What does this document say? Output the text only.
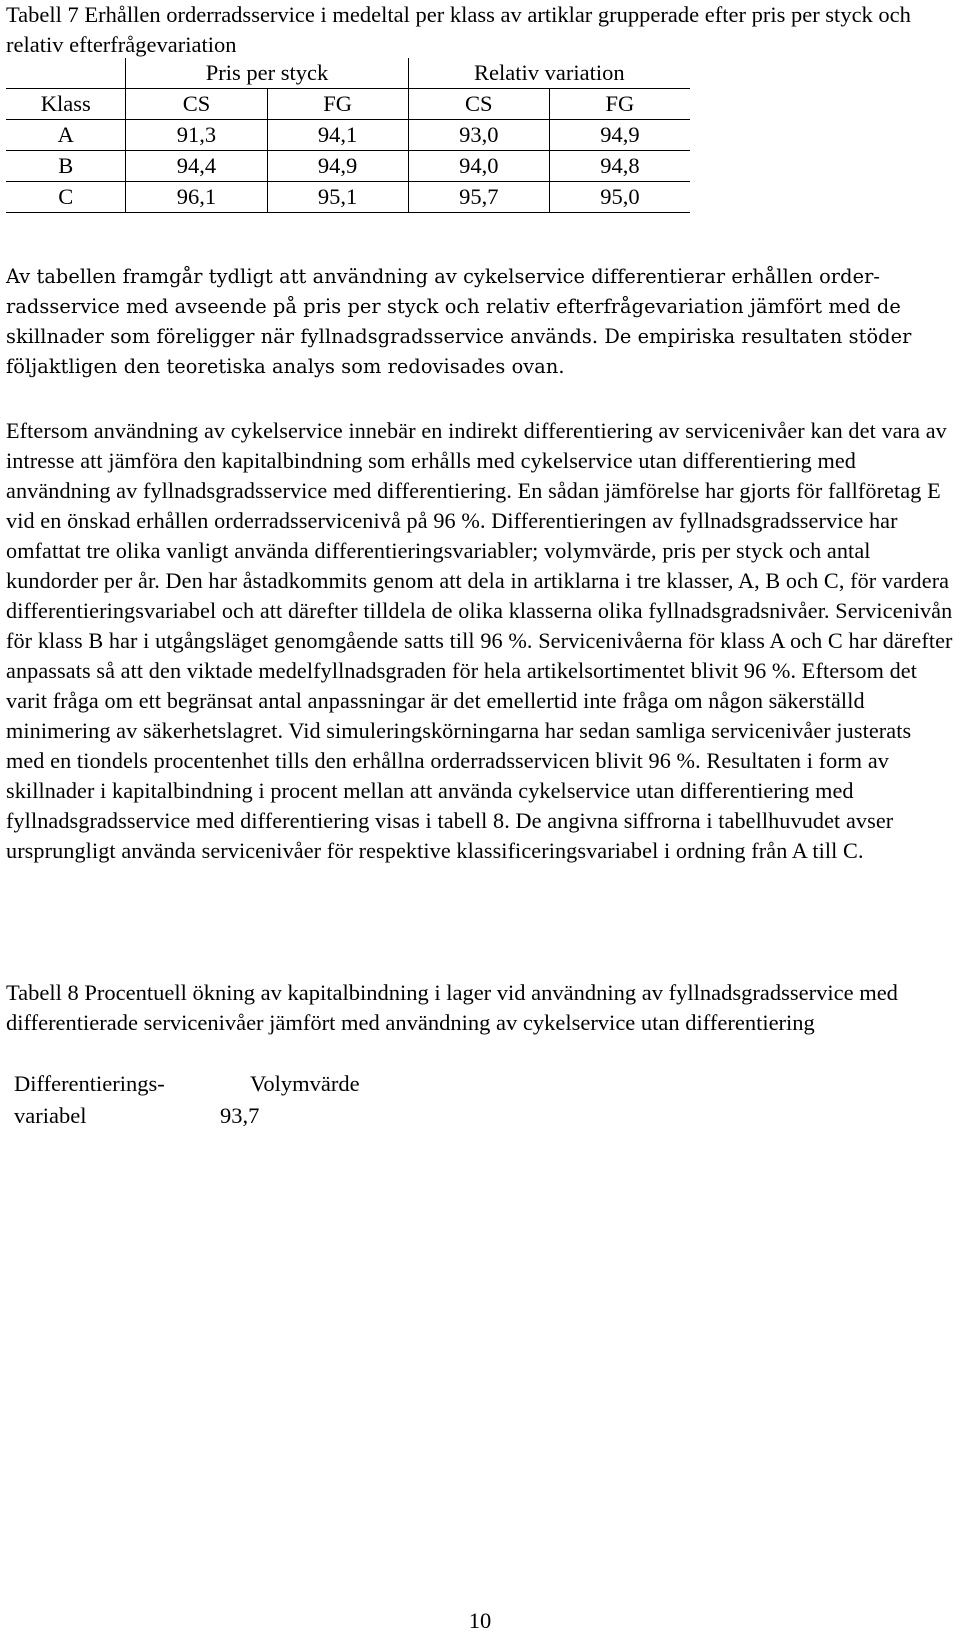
Tabell 7 Erhållen orderradsservice i medeltal per klass av artiklar grupperade efter pris per styck och relativ efterfrågevariation

	Pris per styck		Relativ variation	
Klass	CS	FG	CS	FG
A	91,3	94,1	93,0	94,9
B	94,4	94,9	94,0	94,8
C	96,1	95,1	95,7	95,0

Av tabellen framgår tydligt att användning av cykelservice differentierar erhållen order-radsservice med avseende på pris per styck och relativ efterfrågevariation jämfört med de skillnader som föreligger när fyllnadsgradsservice används. De empiriska resultaten stöder följaktligen den teoretiska analys som redovisades ovan.

Eftersom användning av cykelservice innebär en indirekt differentiering av servicenivåer kan det vara av intresse att jämföra den kapitalbindning som erhålls med cykelservice utan differentiering med användning av fyllnadsgradsservice med differentiering. En sådan jämförelse har gjorts för fallföretag E vid en önskad erhållen orderradsservicenivå på 96 %. Differentieringen av fyllnadsgradsservice har omfattat tre olika vanligt använda differentieringsvariabler; volymvärde, pris per styck och antal kundorder per år. Den har åstadkommits genom att dela in artiklarna i tre klasser, A, B och C, för vardera differentieringsvariabel och att därefter tilldela de olika klasserna olika fyllnadsgradsnivåer. Servicenivån för klass B har i utgångsläget genomgående satts till 96 %. Servicenivåerna för klass A och C har därefter anpassats så att den viktade medelfyllnadsgraden för hela artikelsortimentet blivit 96 %. Eftersom det varit fråga om ett begränsat antal anpassningar är det emellertid inte fråga om någon säkerställd minimering av säkerhetslagret. Vid simuleringskörningarna har sedan samliga servicenivåer justerats med en tiondels procentenhet tills den erhållna orderradsservicen blivit 96 %. Resultaten i form av skillnader i kapitalbindning i procent mellan att använda cykelservice utan differentiering med fyllnadsgradsservice med differentiering visas i tabell 8. De angivna siffrorna i tabellhuvudet avser ursprungligt använda servicenivåer för respektive klassificeringsvariabel i ordning från A till C.

Tabell 8 Procentuell ökning av kapitalbindning i lager vid användning av fyllnadsgradsservice med differentierade servicenivåer jämfört med användning av cykelservice utan differentiering

Differentierings-	Volymvärde
variabel	93,7
10
